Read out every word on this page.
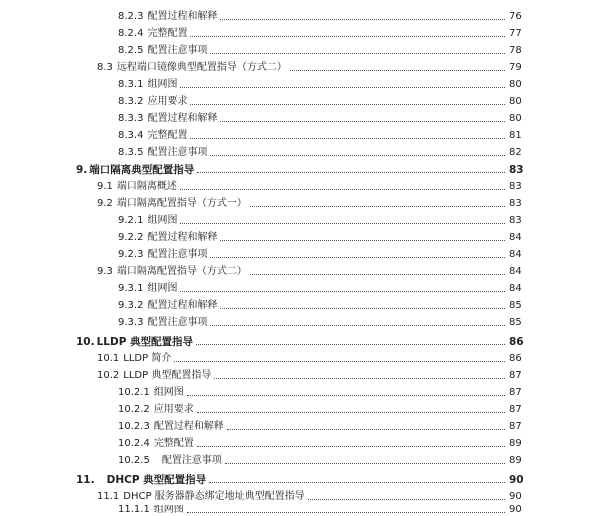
8.2.3 配置过程和解释	76
8.2.4 完整配置	77
8.2.5 配置注意事项	78
8.3 远程端口镜像典型配置指导（方式二）	79
8.3.1 组网图	80
8.3.2 应用要求	80
8.3.3 配置过程和解释	80
8.3.4 完整配置	81
8.3.5 配置注意事项	82
9. 端口隔离典型配置指导	83
9.1 端口隔离概述	83
9.2 端口隔离配置指导（方式一）	83
9.2.1 组网图	83
9.2.2 配置过程和解释	84
9.2.3 配置注意事项	84
9.3 端口隔离配置指导（方式二）	84
9.3.1 组网图	84
9.3.2 配置过程和解释	85
9.3.3 配置注意事项	85
10. LLDP 典型配置指导	86
10.1 LLDP 简介	86
10.2 LLDP 典型配置指导	87
10.2.1 组网图	87
10.2.2 应用要求	87
10.2.3 配置过程和解释	87
10.2.4 完整配置	89
10.2.5 配置注意事项	89
11. DHCP 典型配置指导	90
11.1 DHCP 服务器静态绑定地址典型配置指导	90
11.1.1 组网图	90
